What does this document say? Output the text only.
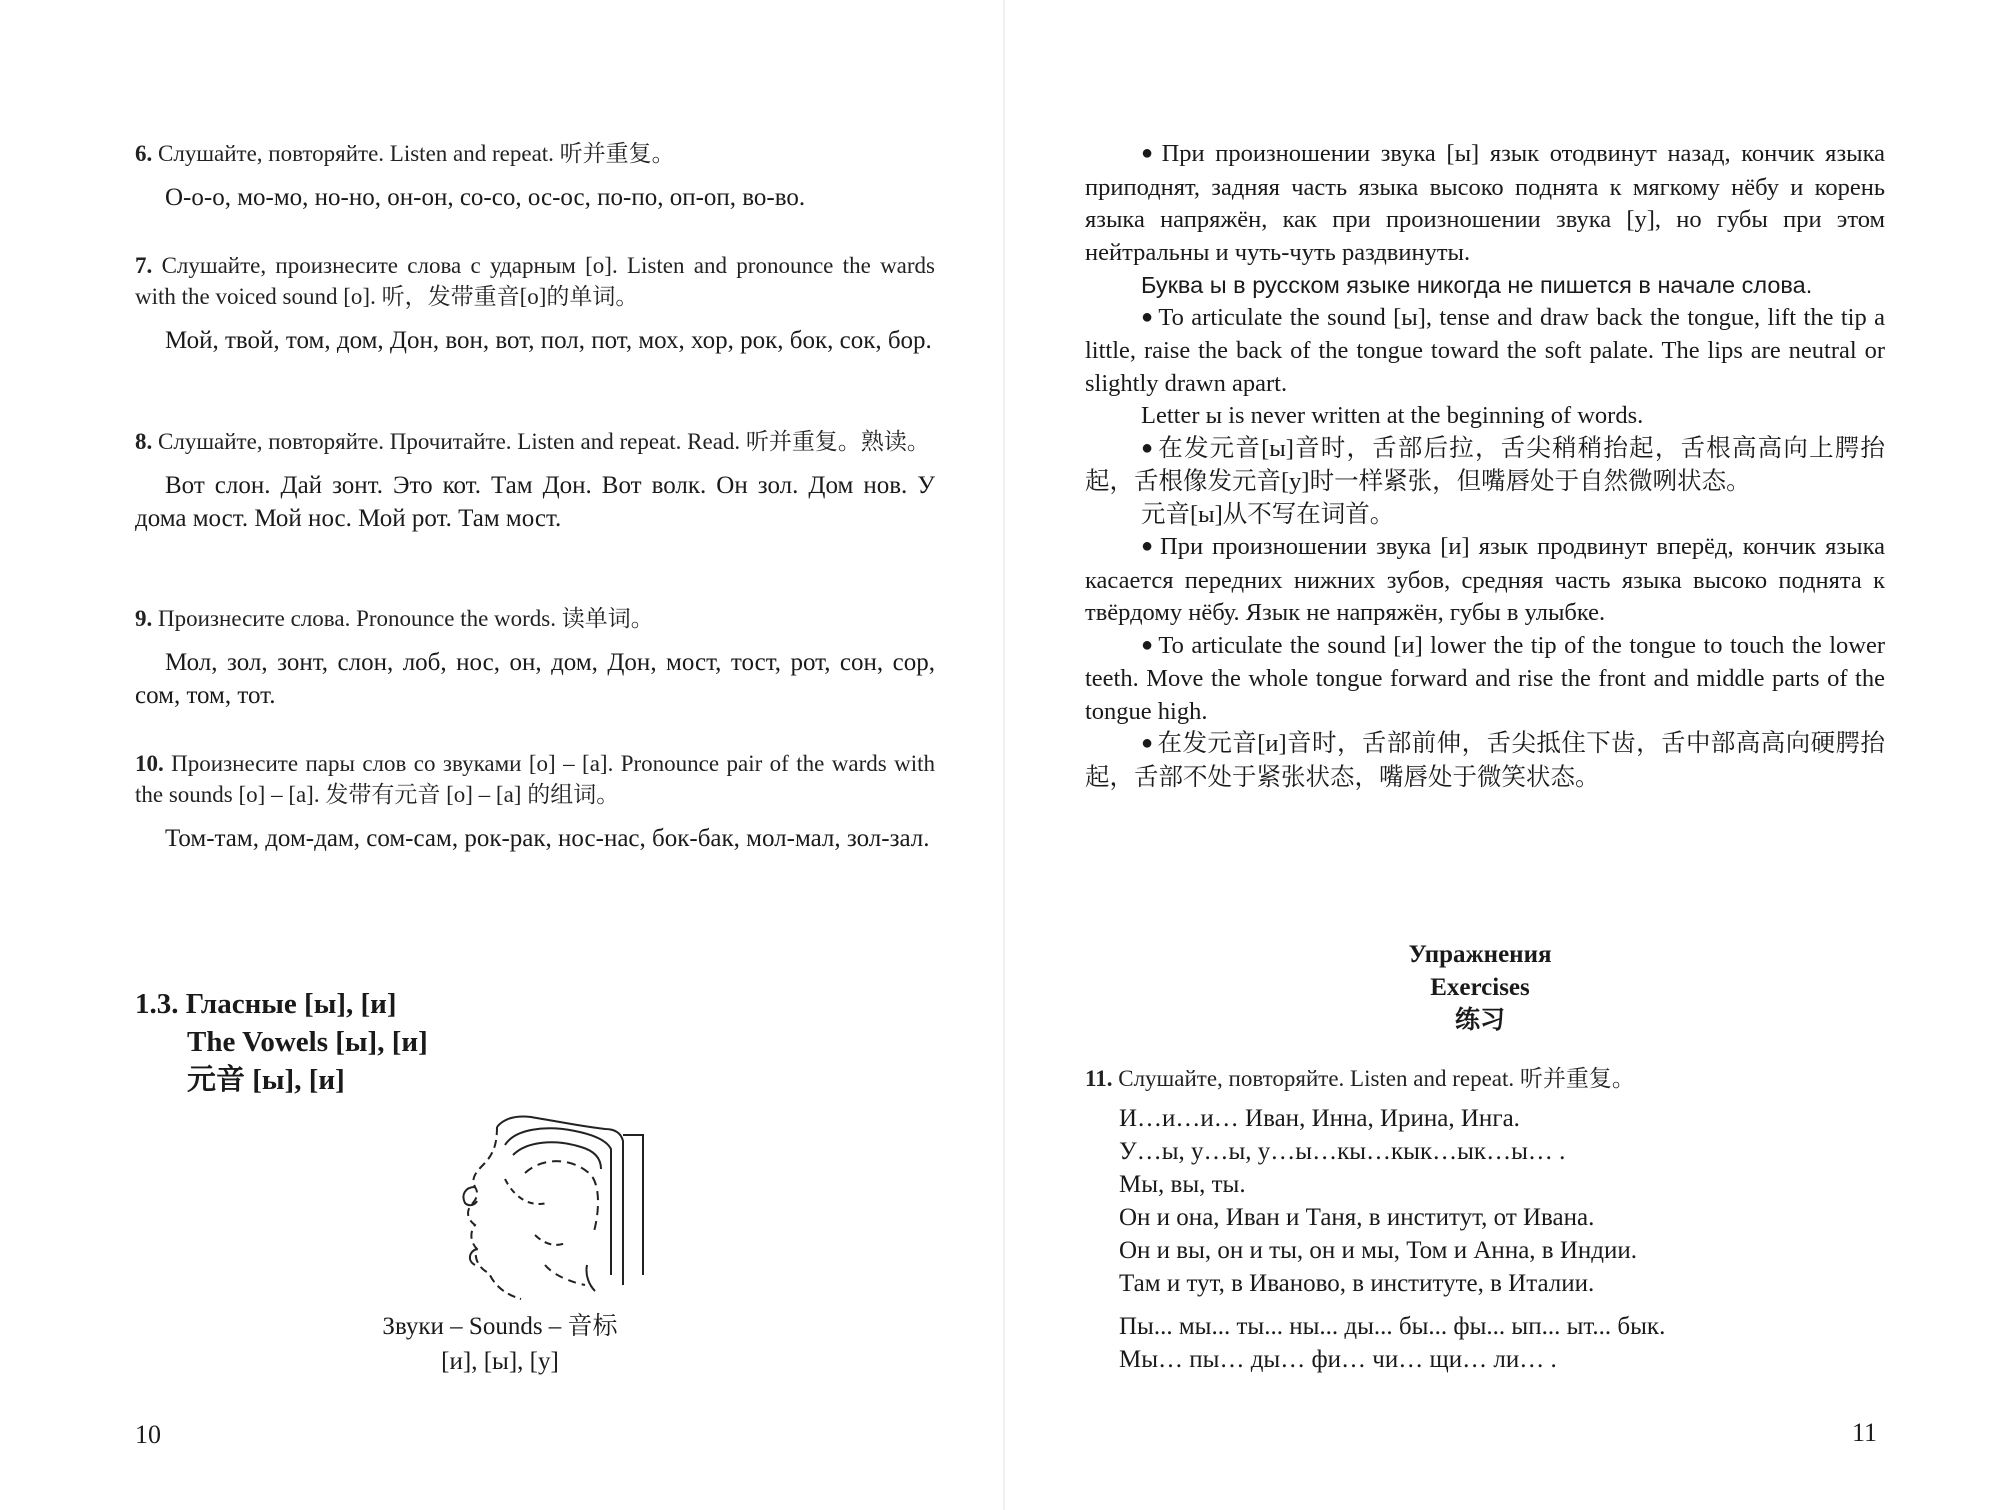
6. Слушайте, повторяйте. Listen and repeat. 听并重复。
О-о-о, мо-мо, но-но, он-он, со-со, ос-ос, по-по, оп-оп, во-во.
7. Слушайте, произнесите слова с ударным [о]. Listen and pronounce the wards with the voiced sound [o]. 听，发带重音[o]的单词。
Мой, твой, том, дом, Дон, вон, вот, пол, пот, мох, хор, рок, бок, сок, бор.
8. Слушайте, повторяйте. Прочитайте. Listen and repeat. Read. 听并重复。熟读。
Вот слон. Дай зонт. Это кот. Там Дон. Вот волк. Он зол. Дом нов. У дома мост. Мой нос. Мой рот. Там мост.
9. Произнесите слова. Pronounce the words. 读单词。
Мол, зол, зонт, слон, лоб, нос, он, дом, Дон, мост, тост, рот, сон, сор, сом, том, тот.
10. Произнесите пары слов со звуками [о] – [а]. Pronounce pair of the wards with the sounds [o] – [a]. 发带有元音 [o] – [a] 的组词。
Том-там, дом-дам, сом-сам, рок-рак, нос-нас, бок-бак, мол-мал, зол-зал.
1.3. Гласные [ы], [и]
The Vowels [ы], [и]
元音 [ы], [и]
Звуки – Sounds – 音标
[и], [ы], [у]
10

● При произношении звука [ы] язык отодвинут назад, кончик языка приподнят, задняя часть языка высоко поднята к мягкому нёбу и корень языка напряжён, как при произношении звука [у], но губы при этом нейтральны и чуть-чуть раздвинуты.

Буква ы в русском языке никогда не пишется в начале слова.

● To articulate the sound [ы], tense and draw back the tongue, lift the tip a little, raise the back of the tongue toward the soft palate. The lips are neutral or slightly drawn apart.

Letter ы is never written at the beginning of words.

● 在发元音[ы]音时，舌部后拉，舌尖稍稍抬起，舌根高高向上腭抬起，舌根像发元音[y]时一样紧张，但嘴唇处于自然微咧状态。

元音[ы]从不写在词首。

● При произношении звука [и] язык продвинут вперёд, кончик языка касается передних нижних зубов, средняя часть языка высоко поднята к твёрдому нёбу. Язык не напряжён, губы в улыбке.

● To articulate the sound [и] lower the tip of the tongue to touch the lower teeth. Move the whole tongue forward and rise the front and middle parts of the tongue high.

● 在发元音[и]音时，舌部前伸，舌尖抵住下齿，舌中部高高向硬腭抬起，舌部不处于紧张状态，嘴唇处于微笑状态。

Упражнения
Exercises
练习
11. Слушайте, повторяйте. Listen and repeat. 听并重复。
И…и…и… Иван, Инна, Ирина, Инга.
У…ы, у…ы, у…ы…кы…кык…ык…ы… .
Мы, вы, ты.
Он и она, Иван и Таня, в институт, от Ивана.
Он и вы, он и ты, он и мы, Том и Анна, в Индии.
Там и тут, в Иваново, в институте, в Италии.
Пы... мы... ты... ны... ды... бы... фы... ып... ыт... бык.
Мы… пы… ды… фи… чи… щи… ли… .
11
